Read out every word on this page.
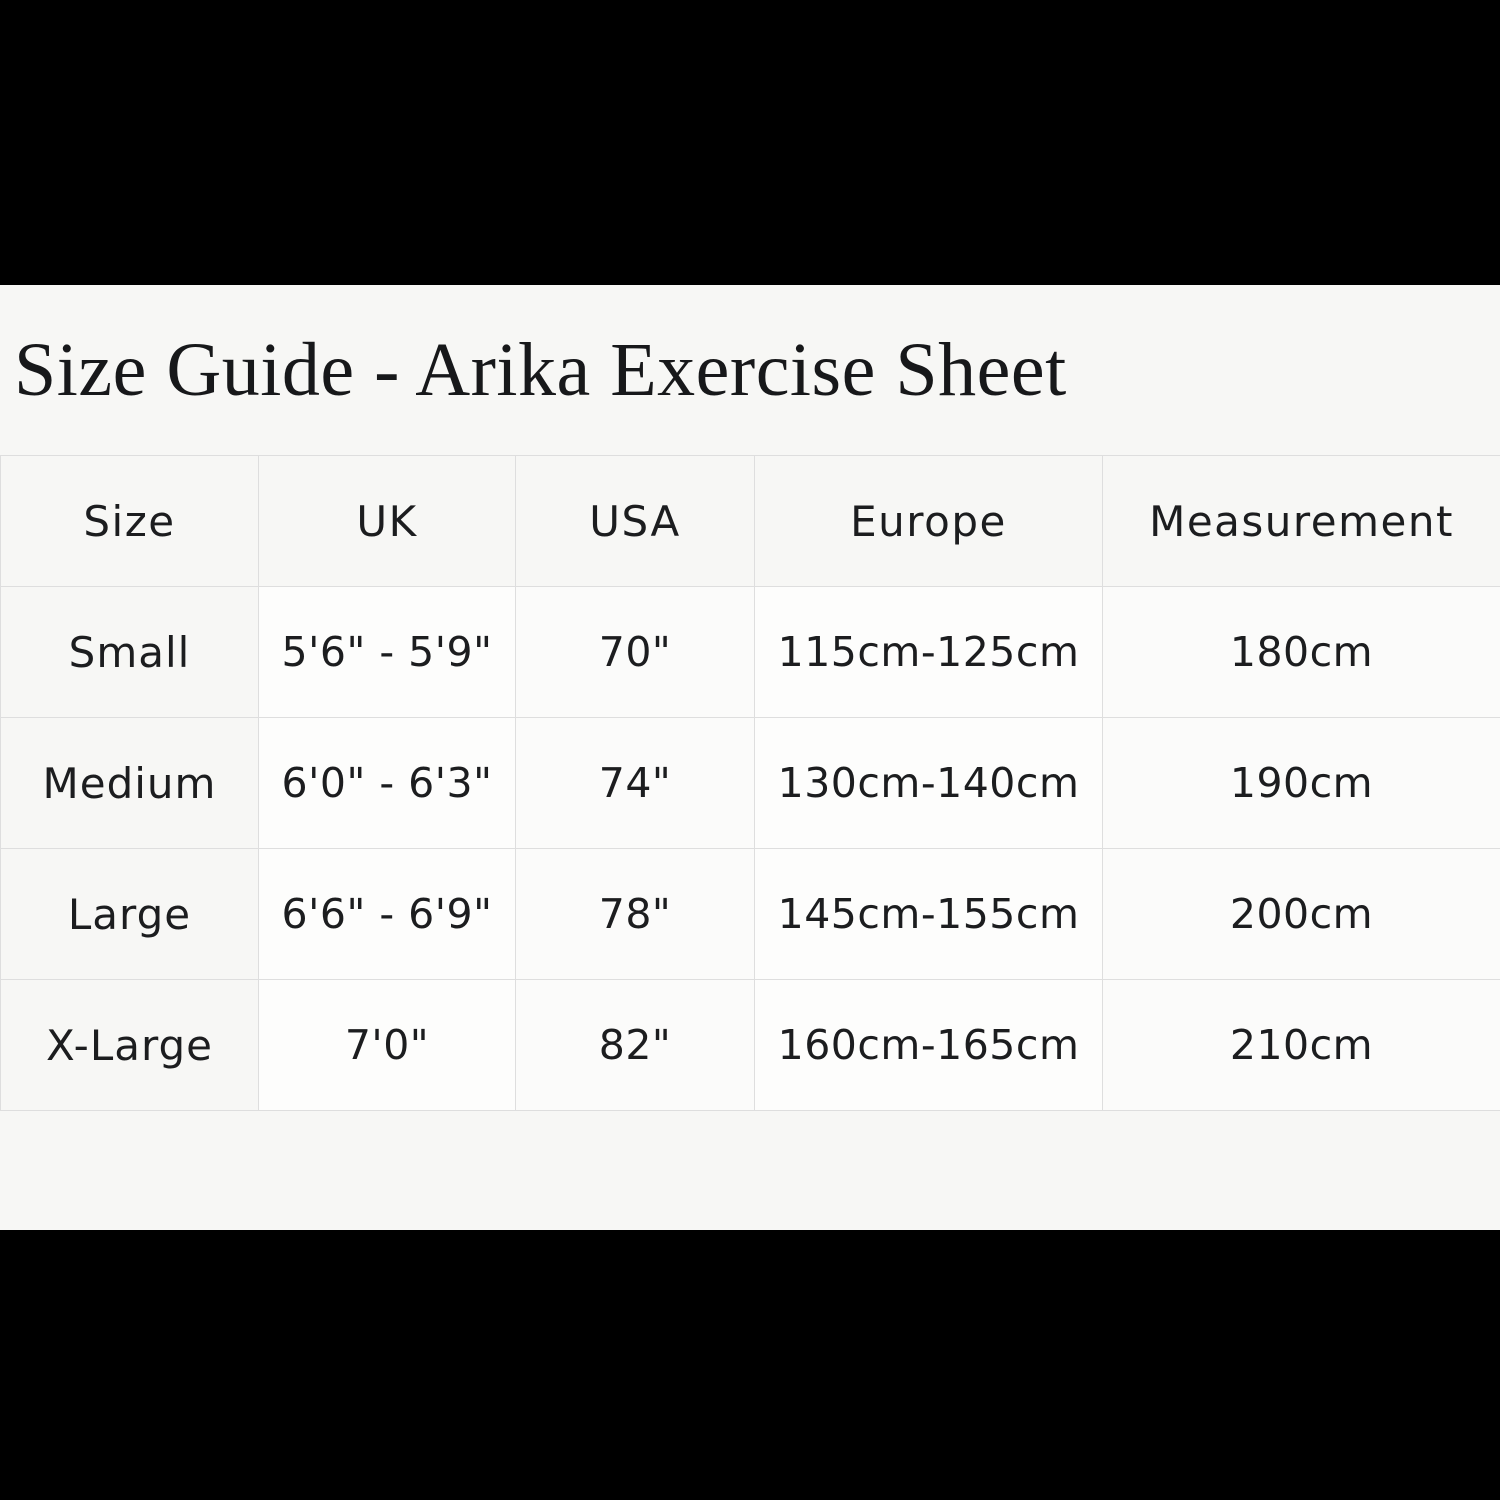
Size Guide - Arika Exercise Sheet
Size	UK	USA	Europe	Measurement
Small	5'6" - 5'9"	70"	115cm-125cm	180cm
Medium	6'0" - 6'3"	74"	130cm-140cm	190cm
Large	6'6" - 6'9"	78"	145cm-155cm	200cm
X-Large	7'0"	82"	160cm-165cm	210cm
